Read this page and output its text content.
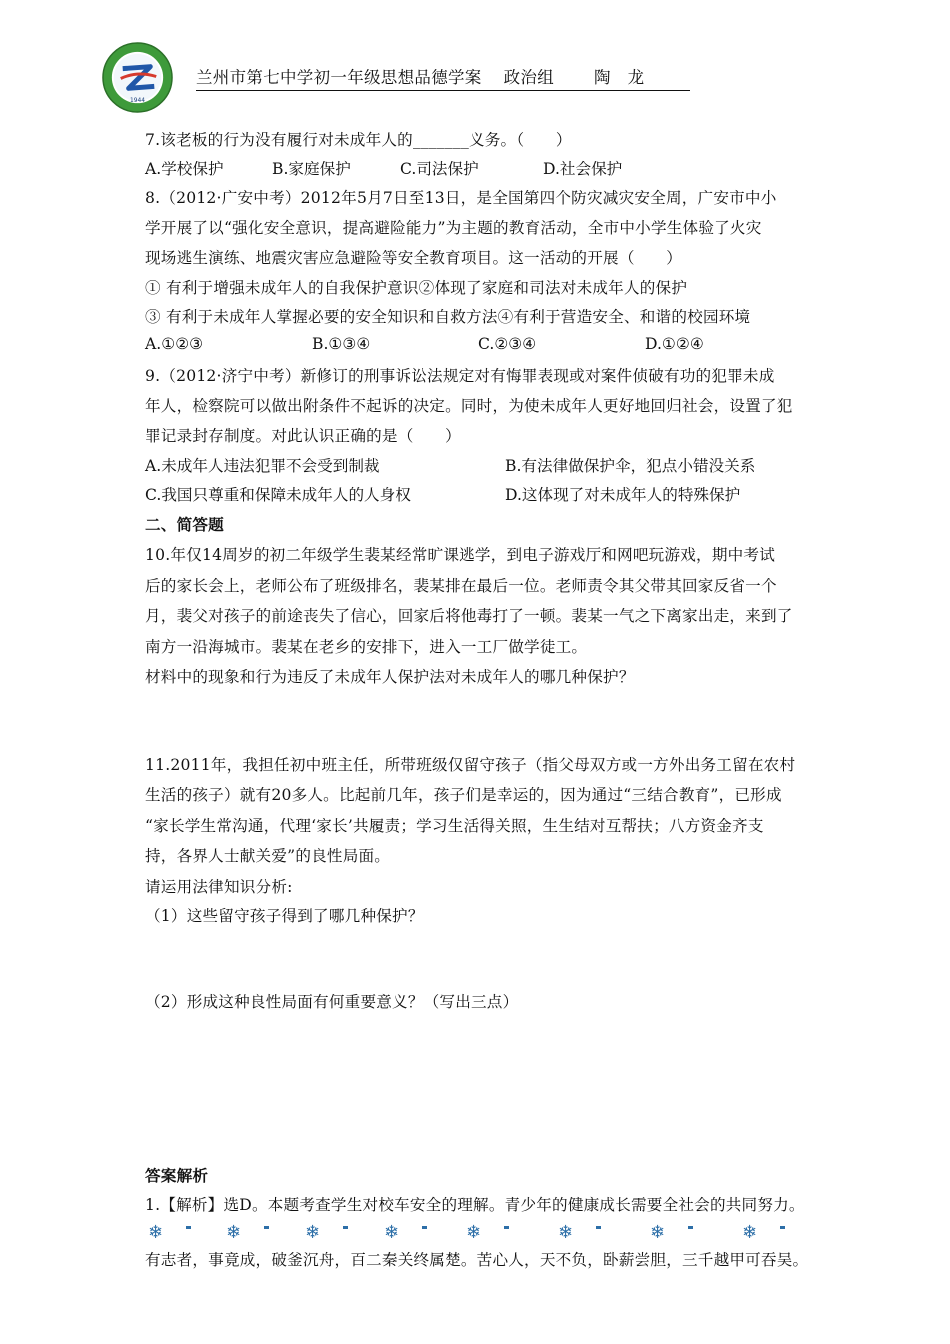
1944
兰州市第七中学初一年级思想品德学案 政治组 陶　龙
7.该老板的行为没有履行对未成年人的_______义务。（　　）
A.学校保护	B.家庭保护	C.司法保护	D.社会保护
8.（2012·广安中考）2012年5月7日至13日，是全国第四个防灾减灾安全周，广安市中小
学开展了以“强化安全意识，提高避险能力”为主题的教育活动，全市中小学生体验了火灾
现场逃生演练、地震灾害应急避险等安全教育项目。这一活动的开展（　　）
① 有利于增强未成年人的自我保护意识②体现了家庭和司法对未成年人的保护
③ 有利于未成年人掌握必要的安全知识和自救方法④有利于营造安全、和谐的校园环境
A.①②③	B.①③④	C.②③④	D.①②④
9.（2012·济宁中考）新修订的刑事诉讼法规定对有悔罪表现或对案件侦破有功的犯罪未成
年人，检察院可以做出附条件不起诉的决定。同时，为使未成年人更好地回归社会，设置了犯
罪记录封存制度。对此认识正确的是（　　）
A.未成年人违法犯罪不会受到制裁	B.有法律做保护伞，犯点小错没关系
C.我国只尊重和保障未成年人的人身权	D.这体现了对未成年人的特殊保护
二、简答题
10.年仅14周岁的初二年级学生裴某经常旷课逃学，到电子游戏厅和网吧玩游戏，期中考试
后的家长会上，老师公布了班级排名，裴某排在最后一位。老师责令其父带其回家反省一个
月，裴父对孩子的前途丧失了信心，回家后将他毒打了一顿。裴某一气之下离家出走，来到了
南方一沿海城市。裴某在老乡的安排下，进入一工厂做学徒工。
材料中的现象和行为违反了未成年人保护法对未成年人的哪几种保护？
11.2011年，我担任初中班主任，所带班级仅留守孩子（指父母双方或一方外出务工留在农村
生活的孩子）就有20多人。比起前几年，孩子们是幸运的，因为通过“三结合教育”，已形成
“家长学生常沟通，代理‘家长’共履责；学习生活得关照，生生结对互帮扶；八方资金齐支
持，各界人士献关爱”的良性局面。
请运用法律知识分析:
（1）这些留守孩子得到了哪几种保护？
（2）形成这种良性局面有何重要意义？（写出三点）
答案解析
1.【解析】选D。本题考查学生对校车安全的理解。青少年的健康成长需要全社会的共同努力。
❄	❄	❄	❄	❄	❄	❄	❄
有志者，事竟成，破釜沉舟，百二秦关终属楚。苦心人，天不负，卧薪尝胆，三千越甲可吞吴。
